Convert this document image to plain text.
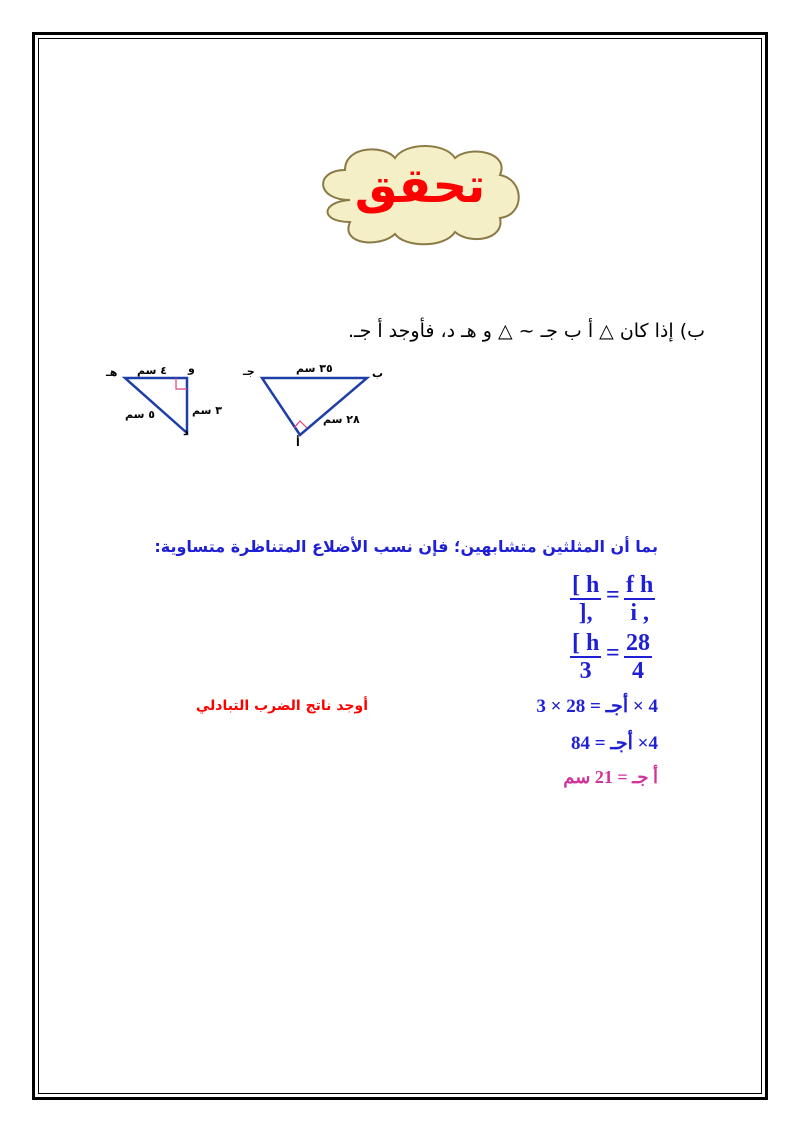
تحقق
ب) إذا كان △ أ ب جـ ~ △ و هـ د، فأوجد أ جـ.
هـ	و
د
٤ سم
٣ سم
٥ سم
جـ	ب
أ
٣٥ سم
٢٨ سم
بما أن المثلثين متشابهين؛ فإن نسب الأضلاع المتناظرة متساوية:
[ h
],
= $\frac{\text{f h}}{i ,}$
$\frac{[ h}{3} = \frac{28}{4}$
4 × أجـ = 28 × 3
أوجد ناتج الضرب التبادلي
4× أجـ = 84
أ جـ = 21 سم
